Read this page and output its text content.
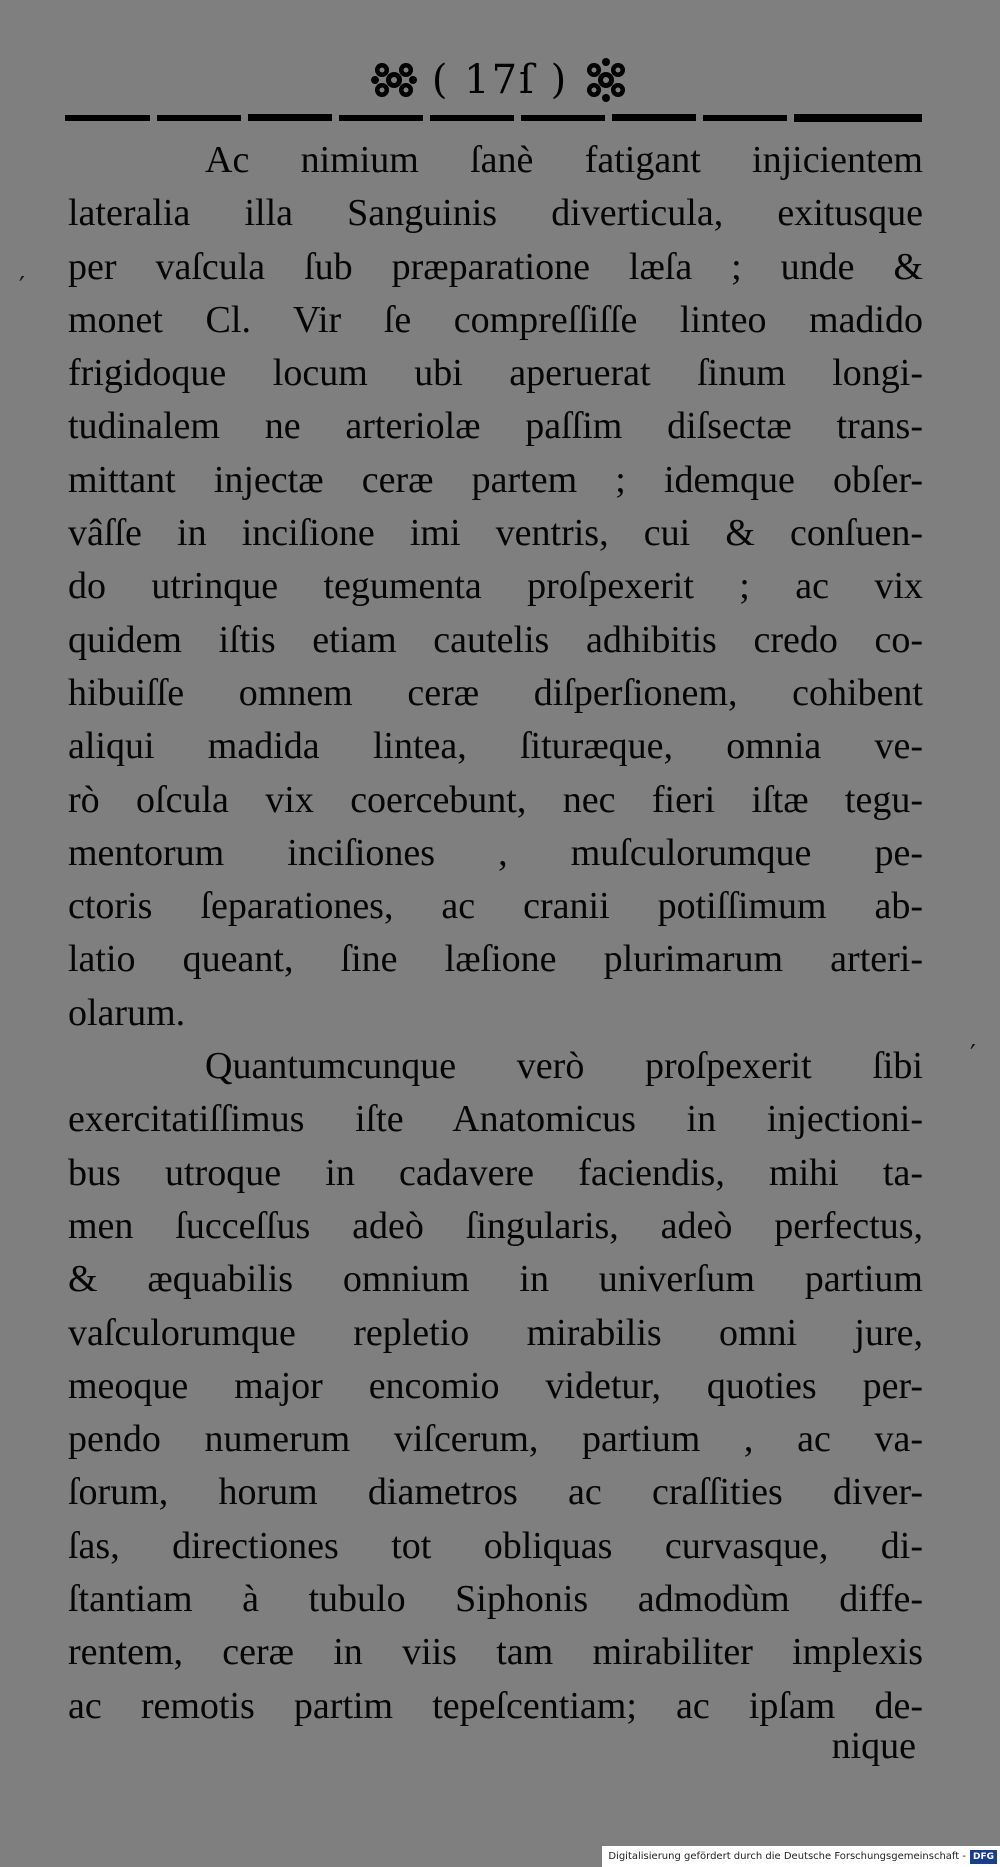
( 17ſ )
′
′
Ac nimium ſanè fatigant injicientem
lateralia illa Sanguinis diverticula, exitusque
per vaſcula ſub præparatione læſa ; unde &
monet Cl. Vir ſe compreſſiſſe linteo madido
frigidoque locum ubi aperuerat ſinum longi-
tudinalem ne arteriolæ paſſim diſsectæ trans-
mittant injectæ ceræ partem ; idemque obſer-
vâſſe in inciſione imi ventris, cui & conſuen-
do utrinque tegumenta proſpexerit ; ac vix
quidem iſtis etiam cautelis adhibitis credo co-
hibuiſſe omnem ceræ diſperſionem, cohibent
aliqui madida lintea, ſituræque, omnia ve-
rò oſcula vix coercebunt, nec fieri iſtæ tegu-
mentorum inciſiones , muſculorumque pe-
ctoris ſeparationes, ac cranii potiſſimum ab-
latio queant, ſine læſione plurimarum arteri-
olarum.
Quantumcunque verò proſpexerit ſibi
exercitatiſſimus iſte Anatomicus in injectioni-
bus utroque in cadavere faciendis, mihi ta-
men ſucceſſus adeò ſingularis, adeò perfectus,
& æquabilis omnium in univerſum partium
vaſculorumque repletio mirabilis omni jure,
meoque major encomio videtur, quoties per-
pendo numerum viſcerum, partium , ac va-
ſorum, horum diametros ac craſſities diver-
ſas, directiones tot obliquas curvasque, di-
ſtantiam à tubulo Siphonis admodùm diffe-
rentem, ceræ in viis tam mirabiliter implexis
ac remotis partim tepeſcentiam; ac ipſam de-
nique
Digitalisierung gefördert durch die Deutsche Forschungsgemeinschaft - DFG
